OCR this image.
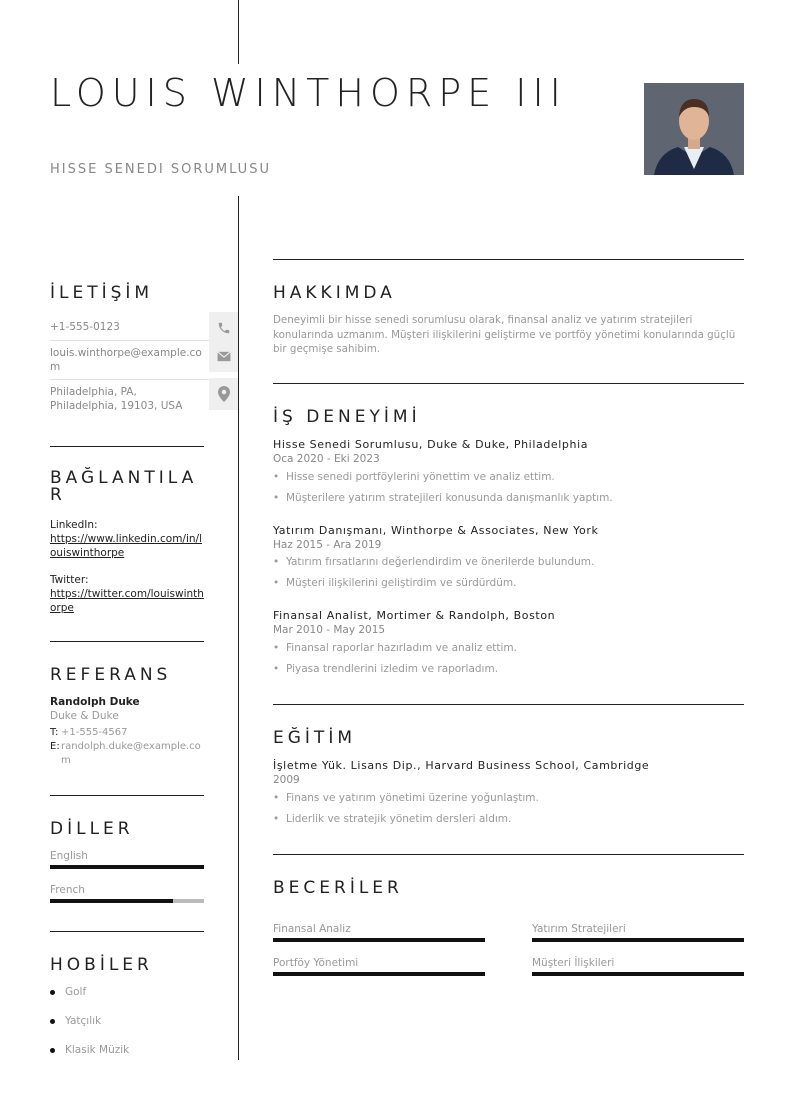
LOUIS WINTHORPE III
HISSE SENEDI SORUMLUSU
İLETİŞİM
+1-555-0123
louis.winthorpe@example.com
Philadelphia, PA, Philadelphia, 19103, USA
BAĞLANTILAR
LinkedIn:
https://www.linkedin.com/in/louiswinthorpe
Twitter:
https://twitter.com/louiswinthorpe
REFERANS
Randolph Duke
Duke & Duke
T: +1-555-4567
E: randolph.duke@example.com
DİLLER
English
French
HOBİLER
Golf
Yatçılık
Klasik Müzik
HAKKIMDA
Deneyimli bir hisse senedi sorumlusu olarak, finansal analiz ve yatırım stratejileri konularında uzmanım. Müşteri ilişkilerini geliştirme ve portföy yönetimi konularında güçlü bir geçmişe sahibim.
İŞ DENEYİMİ
Hisse Senedi Sorumlusu, Duke & Duke, Philadelphia
Oca 2020 - Eki 2023
• Hisse senedi portföylerini yönettim ve analiz ettim.
• Müşterilere yatırım stratejileri konusunda danışmanlık yaptım.
Yatırım Danışmanı, Winthorpe & Associates, New York
Haz 2015 - Ara 2019
• Yatırım fırsatlarını değerlendirdim ve önerilerde bulundum.
• Müşteri ilişkilerini geliştirdim ve sürdürdüm.
Finansal Analist, Mortimer & Randolph, Boston
Mar 2010 - May 2015
• Finansal raporlar hazırladım ve analiz ettim.
• Piyasa trendlerini izledim ve raporladım.
EĞİTİM
İşletme Yük. Lisans Dip., Harvard Business School, Cambridge
2009
• Finans ve yatırım yönetimi üzerine yoğunlaştım.
• Liderlik ve stratejik yönetim dersleri aldım.
BECERİLER
Finansal Analiz	Yatırım Stratejileri
Portföy Yönetimi	Müşteri İlişkileri
